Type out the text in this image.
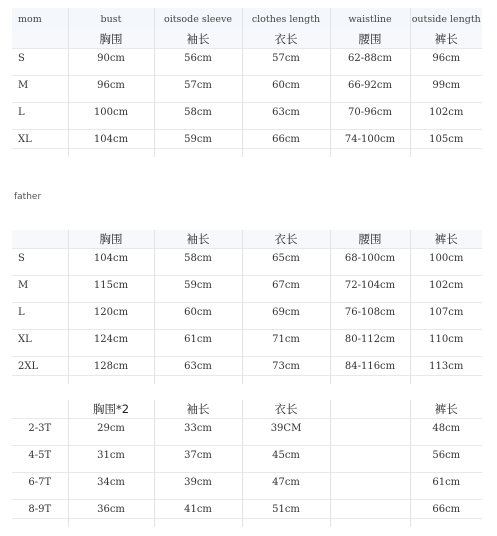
mom	bust	oitsode sleeve	clothes length	waistline	outside length
	胸围	袖长	衣长	腰围	裤长
S	90cm	56cm	57cm	62-88cm	96cm

M	96cm	57cm	60cm	66-92cm	99cm

L	100cm	58cm	63cm	70-96cm	102cm

XL	104cm	59cm	66cm	74-100cm	105cm

father
	胸围	袖长	衣长	腰围	裤长
S	104cm	58cm	65cm	68-100cm	100cm

M	115cm	59cm	67cm	72-104cm	102cm

L	120cm	60cm	69cm	76-108cm	107cm

XL	124cm	61cm	71cm	80-112cm	110cm

2XL	128cm	63cm	73cm	84-116cm	113cm

	胸围*2	袖长	衣长		裤长
2-3T	29cm	33cm	39CM		48cm

4-5T	31cm	37cm	45cm		56cm

6-7T	34cm	39cm	47cm		61cm

8-9T	36cm	41cm	51cm		66cm
